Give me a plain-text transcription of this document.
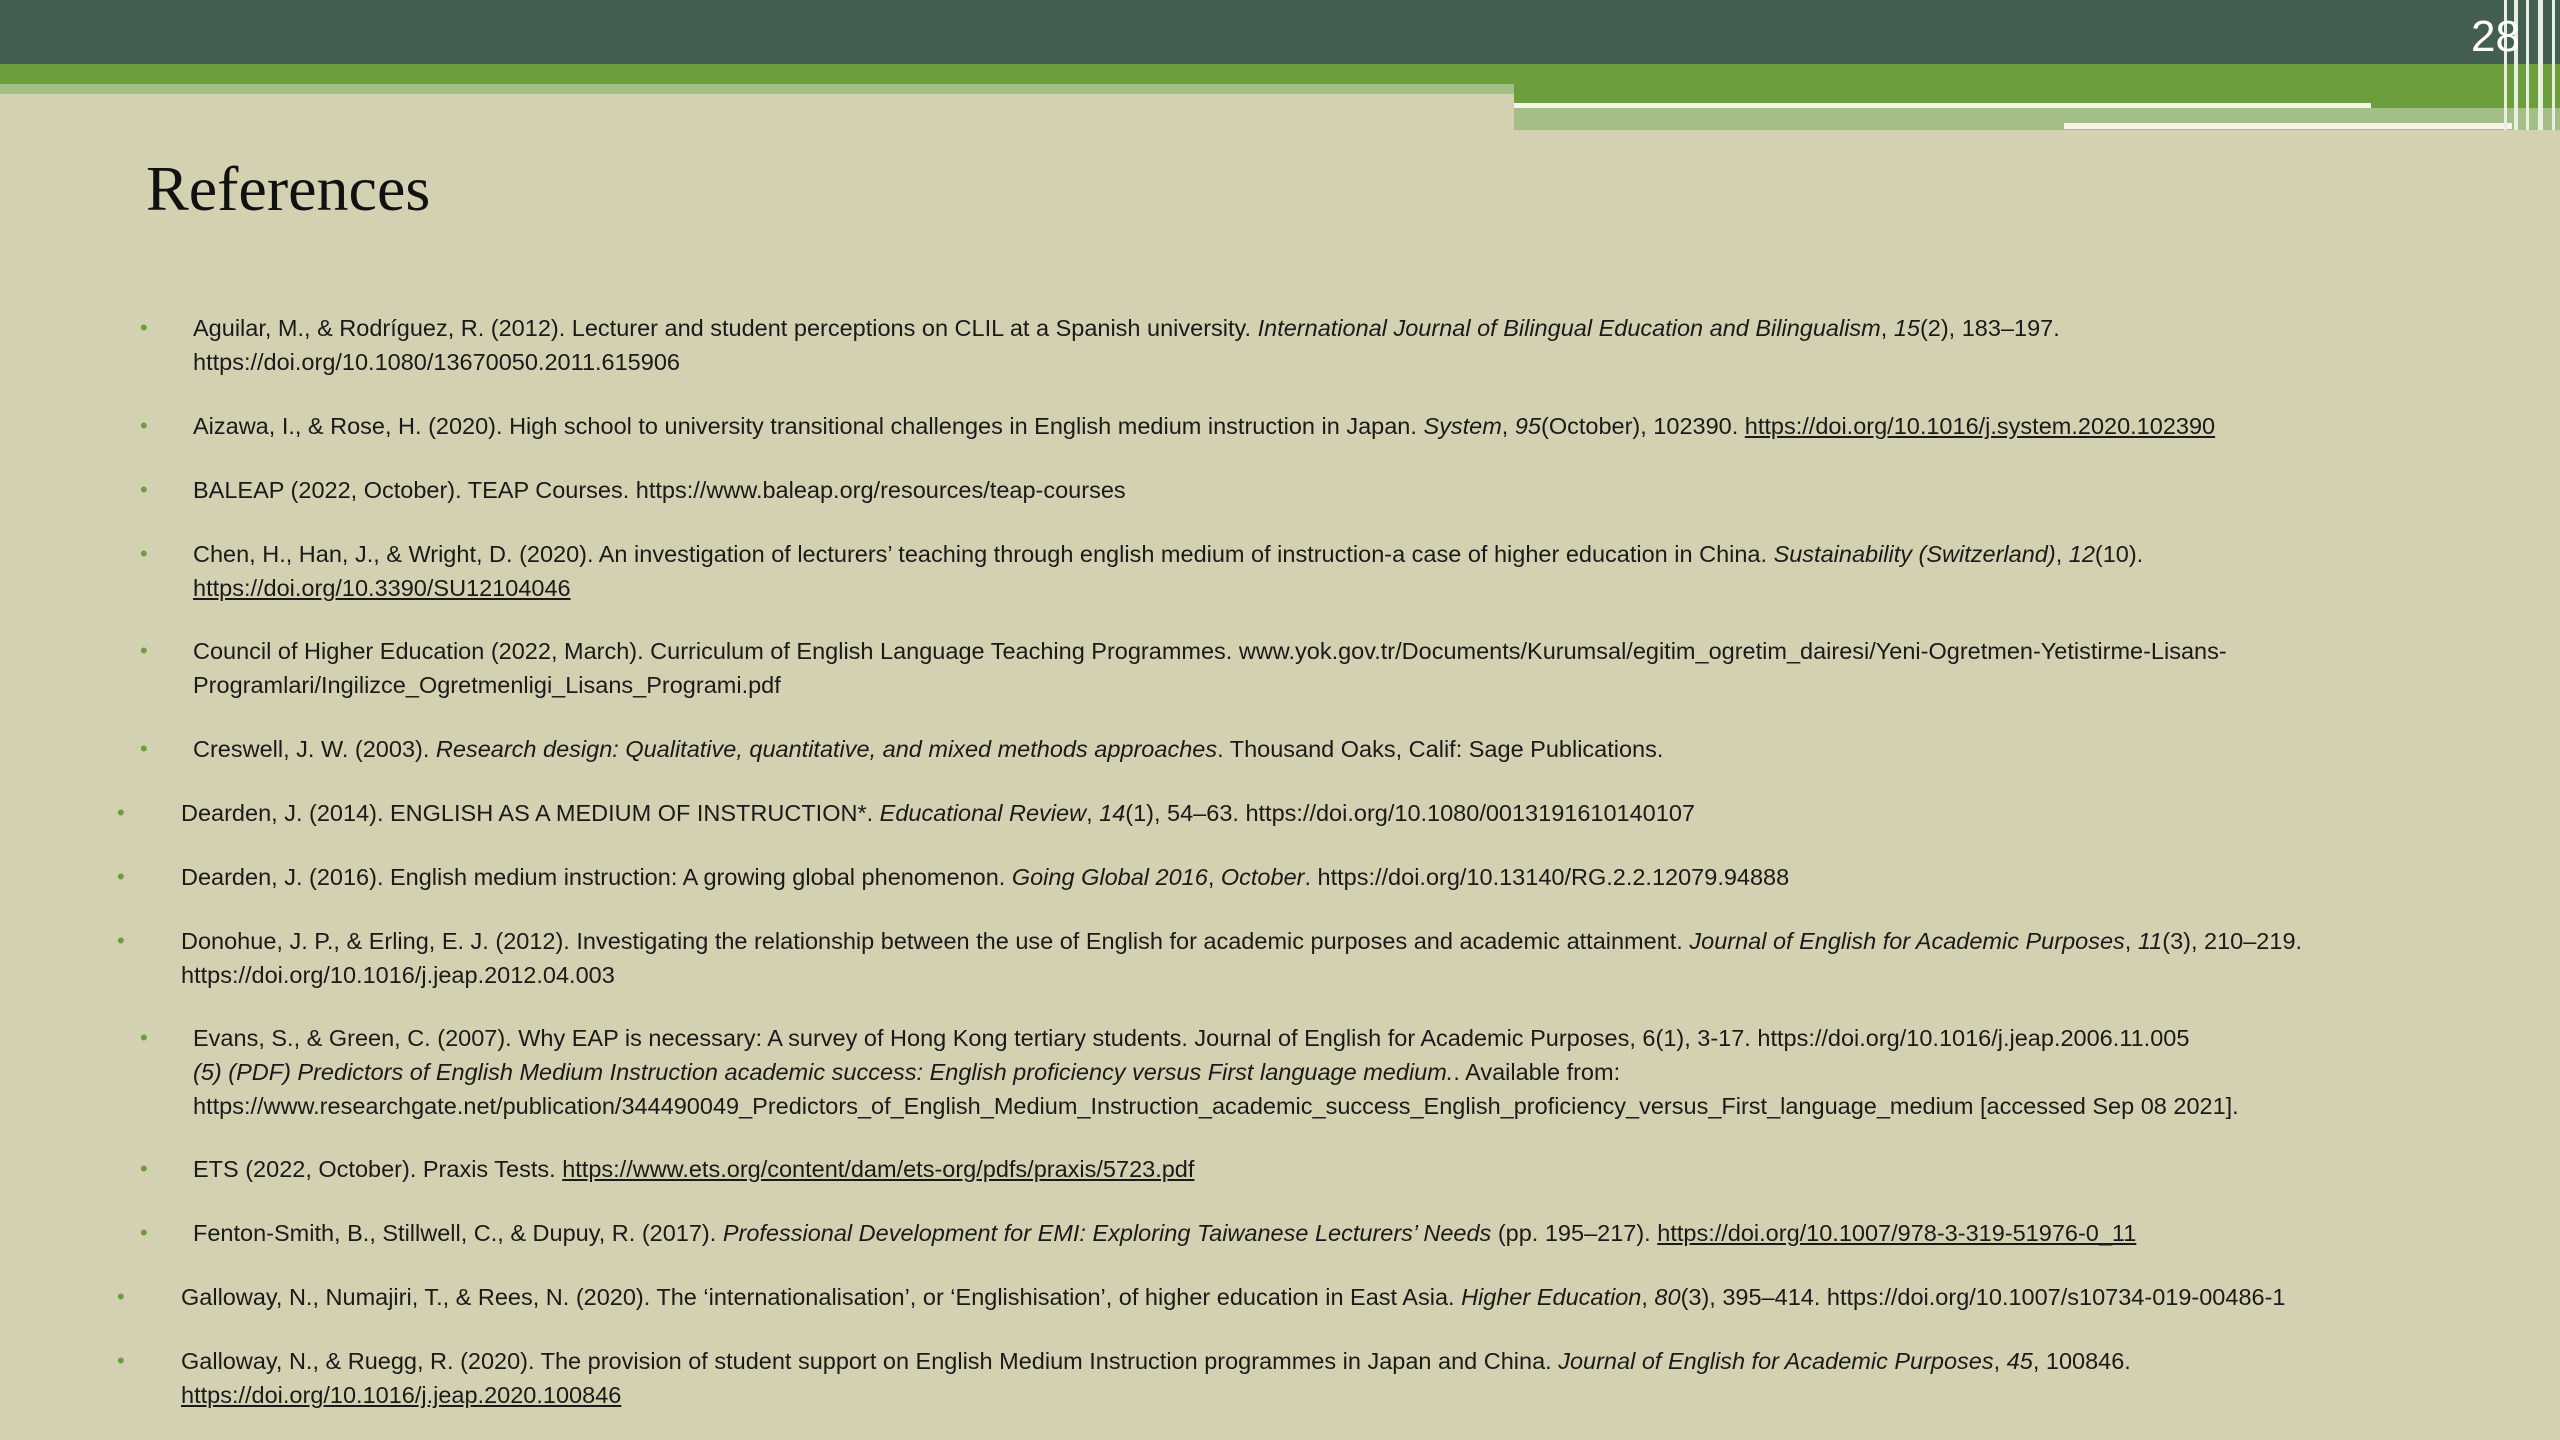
28
References
• Aguilar, M., & Rodríguez, R. (2012). Lecturer and student perceptions on CLIL at a Spanish university. International Journal of Bilingual Education and Bilingualism, 15(2), 183–197.
https://doi.org/10.1080/13670050.2011.615906
• Aizawa, I., & Rose, H. (2020). High school to university transitional challenges in English medium instruction in Japan. System, 95(October), 102390. https://doi.org/10.1016/j.system.2020.102390
• BALEAP (2022, October). TEAP Courses. https://www.baleap.org/resources/teap-courses
• Chen, H., Han, J., & Wright, D. (2020). An investigation of lecturers’ teaching through english medium of instruction-a case of higher education in China. Sustainability (Switzerland), 12(10).
https://doi.org/10.3390/SU12104046
• Council of Higher Education (2022, March). Curriculum of English Language Teaching Programmes. www.yok.gov.tr/Documents/Kurumsal/egitim_ogretim_dairesi/Yeni-Ogretmen-Yetistirme-Lisans-
Programlari/Ingilizce_Ogretmenligi_Lisans_Programi.pdf
• Creswell, J. W. (2003). Research design: Qualitative, quantitative, and mixed methods approaches. Thousand Oaks, Calif: Sage Publications.
• Dearden, J. (2014). ENGLISH AS A MEDIUM OF INSTRUCTION*. Educational Review, 14(1), 54–63. https://doi.org/10.1080/0013191610140107
• Dearden, J. (2016). English medium instruction: A growing global phenomenon. Going Global 2016, October. https://doi.org/10.13140/RG.2.2.12079.94888
• Donohue, J. P., & Erling, E. J. (2012). Investigating the relationship between the use of English for academic purposes and academic attainment. Journal of English for Academic Purposes, 11(3), 210–219.
https://doi.org/10.1016/j.jeap.2012.04.003
• Evans, S., & Green, C. (2007). Why EAP is necessary: A survey of Hong Kong tertiary students. Journal of English for Academic Purposes, 6(1), 3-17. https://doi.org/10.1016/j.jeap.2006.11.005
(5) (PDF) Predictors of English Medium Instruction academic success: English proficiency versus First language medium.. Available from:
https://www.researchgate.net/publication/344490049_Predictors_of_English_Medium_Instruction_academic_success_English_proficiency_versus_First_language_medium [accessed Sep 08 2021].
• ETS (2022, October). Praxis Tests. https://www.ets.org/content/dam/ets-org/pdfs/praxis/5723.pdf
• Fenton-Smith, B., Stillwell, C., & Dupuy, R. (2017). Professional Development for EMI: Exploring Taiwanese Lecturers’ Needs (pp. 195–217). https://doi.org/10.1007/978-3-319-51976-0_11
• Galloway, N., Numajiri, T., & Rees, N. (2020). The ‘internationalisation’, or ‘Englishisation’, of higher education in East Asia. Higher Education, 80(3), 395–414. https://doi.org/10.1007/s10734-019-00486-1
• Galloway, N., & Ruegg, R. (2020). The provision of student support on English Medium Instruction programmes in Japan and China. Journal of English for Academic Purposes, 45, 100846.
https://doi.org/10.1016/j.jeap.2020.100846
